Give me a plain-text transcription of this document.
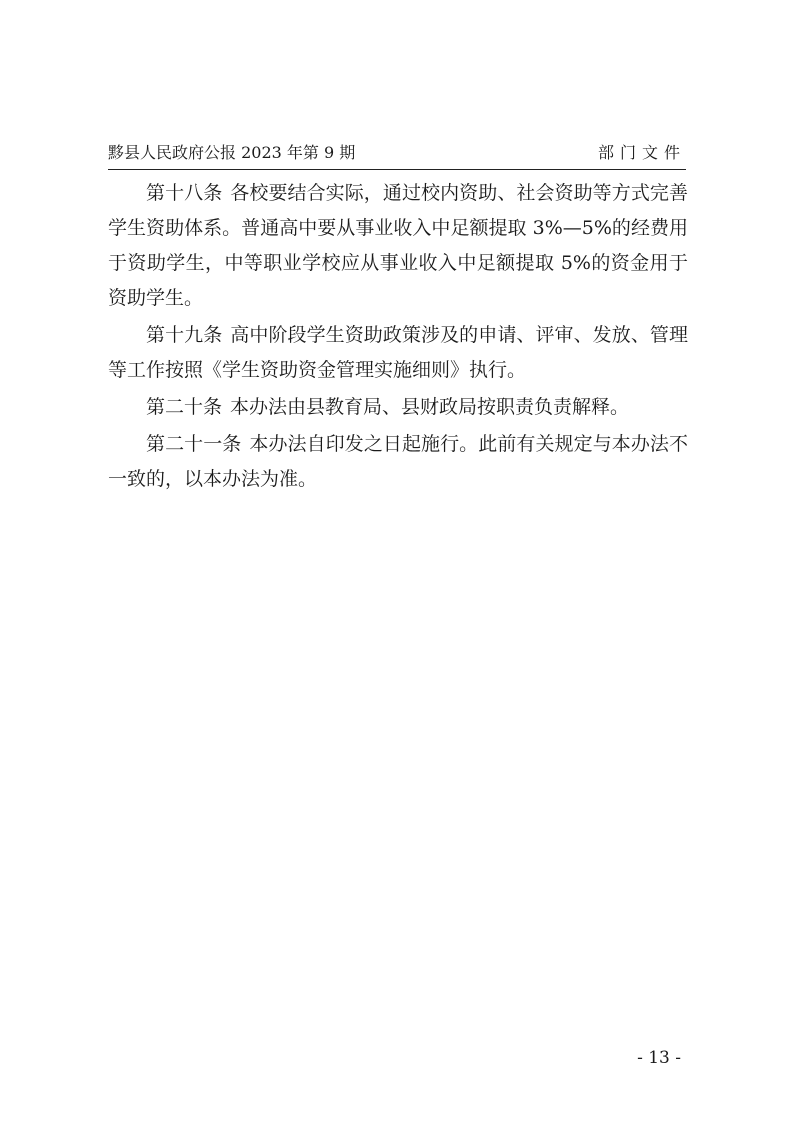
黟县人民政府公报 2023 年第 9 期	部门文件

第十八条 各校要结合实际，通过校内资助、社会资助等方式完善学生资助体系。普通高中要从事业收入中足额提取 3%—5%的经费用于资助学生，中等职业学校应从事业收入中足额提取 5%的资金用于资助学生。

第十九条 高中阶段学生资助政策涉及的申请、评审、发放、管理等工作按照《学生资助资金管理实施细则》执行。

第二十条 本办法由县教育局、县财政局按职责负责解释。

第二十一条 本办法自印发之日起施行。此前有关规定与本办法不一致的，以本办法为准。

- 13 -
